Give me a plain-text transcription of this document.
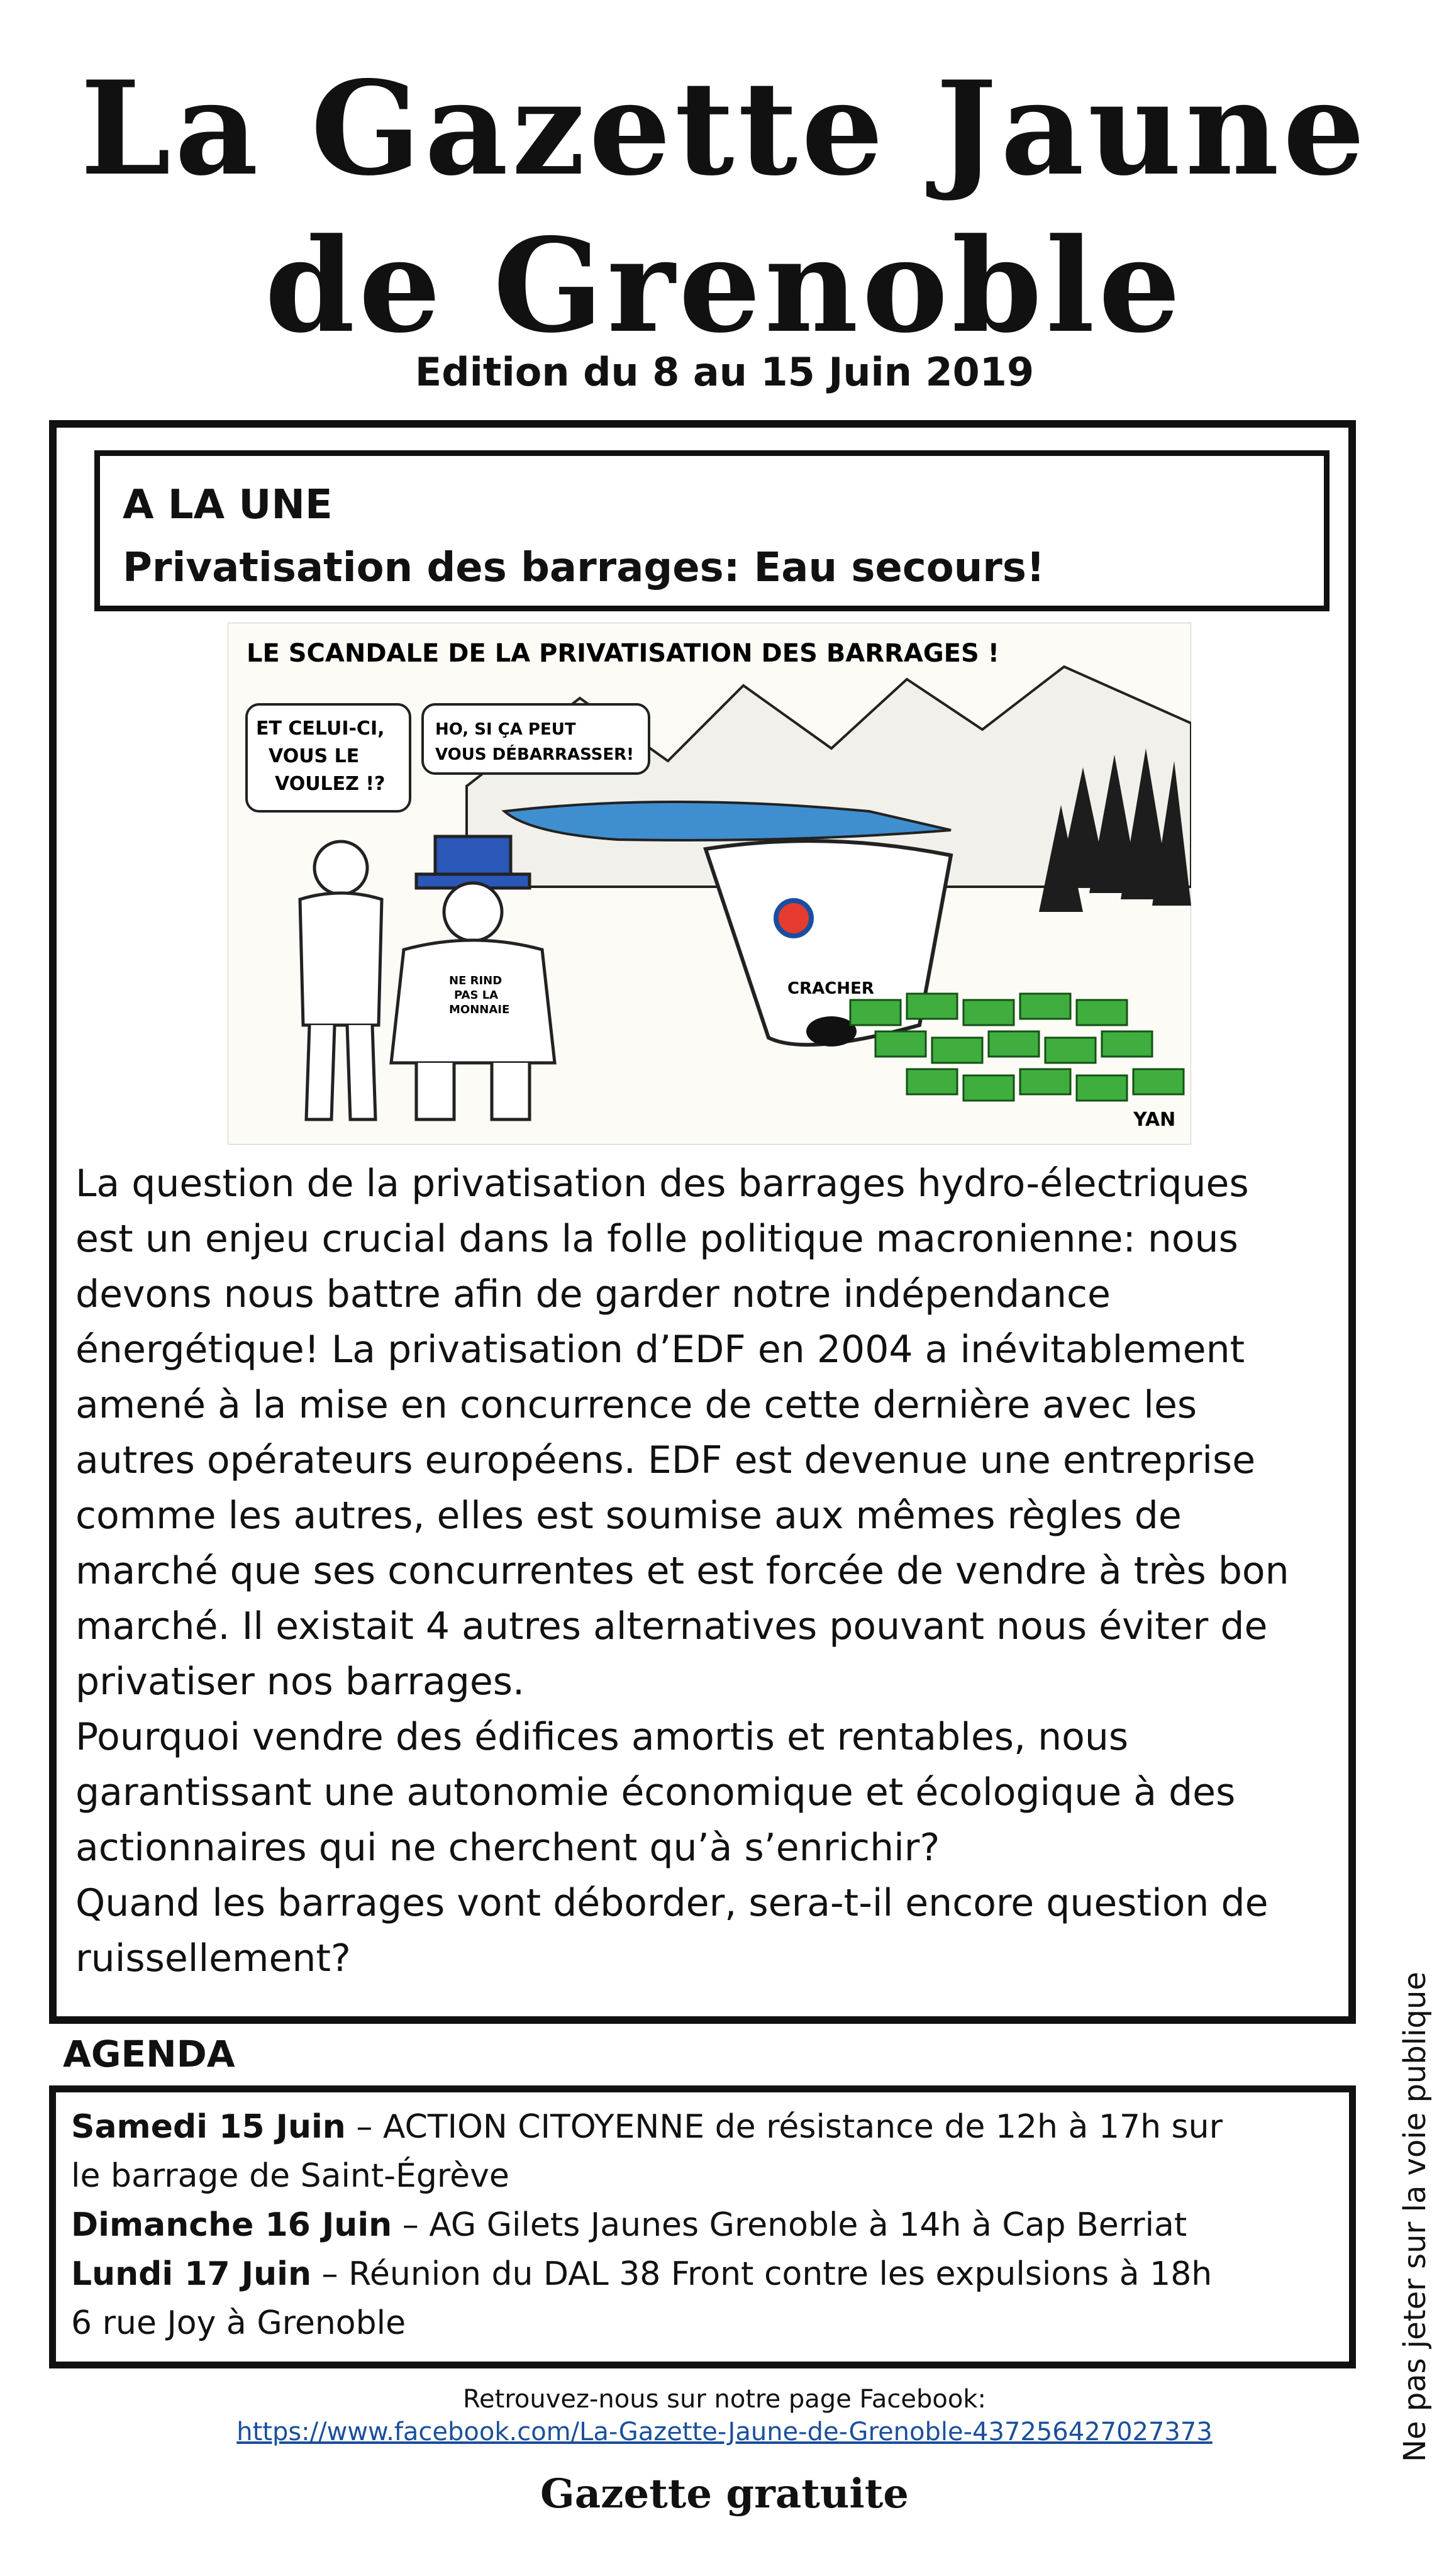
La Gazette Jaune
de Grenoble
Edition du 8 au 15 Juin 2019
A LA UNE
Privatisation des barrages: Eau secours!
LE SCANDALE DE LA PRIVATISATION DES BARRAGES !
CRACHER
YAN
ET CELUI-CI,
VOUS LE
VOULEZ !?
HO, SI ÇA PEUT
VOUS DÉBARRASSER!
NE RIND
PAS LA
MONNAIE

La question de la privatisation des barrages hydro-électriques
est un enjeu crucial dans la folle politique macronienne: nous
devons nous battre afin de garder notre indépendance
énergétique! La privatisation d’EDF en 2004 a inévitablement
amené à la mise en concurrence de cette dernière avec les
autres opérateurs européens. EDF est devenue une entreprise
comme les autres, elles est soumise aux mêmes règles de
marché que ses concurrentes et est forcée de vendre à très bon
marché. Il existait 4 autres alternatives pouvant nous éviter de
privatiser nos barrages.

Pourquoi vendre des édifices amortis et rentables, nous
garantissant une autonomie économique et écologique à des
actionnaires qui ne cherchent qu’à s’enrichir?

Quand les barrages vont déborder, sera-t-il encore question de
ruissellement?

AGENDA
Samedi 15 Juin – ACTION CITOYENNE de résistance de 12h à 17h sur
le barrage de Saint-Égrève
Dimanche 16 Juin – AG Gilets Jaunes Grenoble à 14h à Cap Berriat
Lundi 17 Juin – Réunion du DAL 38 Front contre les expulsions à 18h
6 rue Joy à Grenoble
Retrouvez-nous sur notre page Facebook:
https://www.facebook.com/La-Gazette-Jaune-de-Grenoble-437256427027373
Gazette gratuite
Ne pas jeter sur la voie publique
